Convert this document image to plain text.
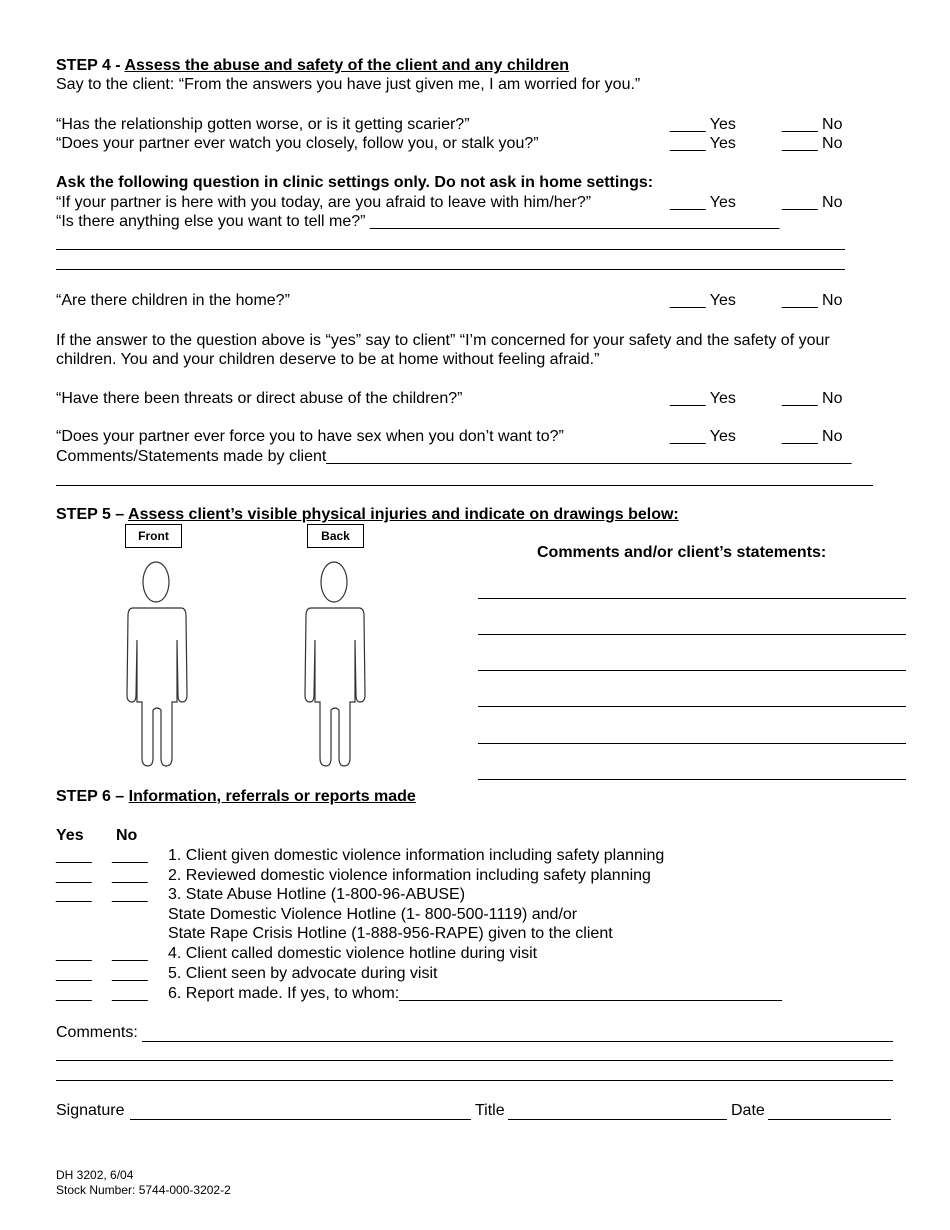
STEP 4 - Assess the abuse and safety of the client and any children
Say to the client: “From the answers you have just given me, I am worried for you.”
“Has the relationship gotten worse, or is it getting scarier?”	____ Yes	____ No
“Does your partner ever watch you closely, follow you, or stalk you?”	____ Yes	____ No
Ask the following question in clinic settings only. Do not ask in home settings:
“If your partner is here with you today, are you afraid to leave with him/her?”	____ Yes	____ No
“Is there anything else you want to tell me?” ______________________________________________
“Are there children in the home?”	____ Yes	____ No
If the answer to the question above is “yes” say to client” “I’m concerned for your safety and the safety of your
children. You and your children deserve to be at home without feeling afraid.”
“Have there been threats or direct abuse of the children?”	____ Yes	____ No
“Does your partner ever force you to have sex when you don’t want to?”	____ Yes	____ No
Comments/Statements made by client___________________________________________________________
STEP 5 – Assess client’s visible physical injuries and indicate on drawings below:
Front	Back
Comments and/or client’s statements:
STEP 6 – Information, referrals or reports made
Yes No
____ ____ 1. Client given domestic violence information including safety planning
____ ____ 2. Reviewed domestic violence information including safety planning
____ ____ 3. State Abuse Hotline (1-800-96-ABUSE)
State Domestic Violence Hotline (1- 800-500-1119) and/or
State Rape Crisis Hotline (1-888-956-RAPE) given to the client
____ ____ 4. Client called domestic violence hotline during visit
____ ____ 5. Client seen by advocate during visit
____ ____ 6. Report made. If yes, to whom:___________________________________________
Comments:
Signature	Title	Date
DH 3202, 6/04
Stock Number: 5744-000-3202-2
